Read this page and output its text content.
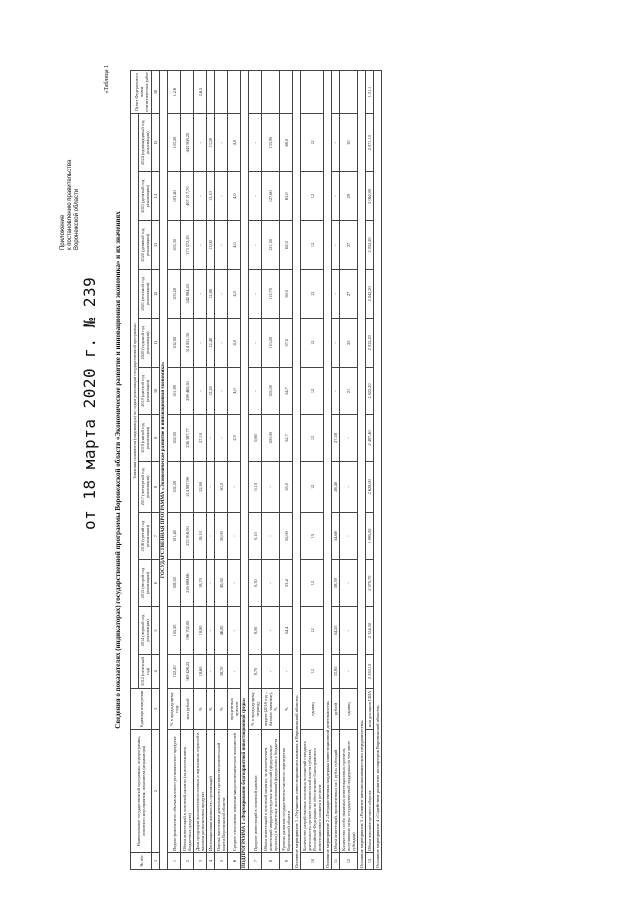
Приложение к постановлению правительства Воронежской области
от 18 марта 2020 г. № 239
«Таблица 1
Сведения о показателях (индикаторах) государственной программы Воронежской области «Экономическое развитие и инновационная экономика» и их значениях
№ п/п	Наименование государственной программы, подпрограммы, основного мероприятия, показателя (индикатора)	Единица измерения	Значения показателя (индикатора) по годам реализации государственной программы												Пункт Федерального плана статистических работ
			2012 (отчетный год)	2014 (первый год реализации)	2015 (второй год реализации)	2016 (третий год реализации)	2017 (четвертый год реализации)	2018 (пятый год реализации)	2019 (шестой год реализации)	2020 (седьмой год реализации)	2021 (восьмой год реализации)	2022 (девятый год реализации)	2023 (десятый год реализации)	2024 (одиннадцатый год реализации)	
1	2	3	4	5	6	7	8	9	10	11	12	13	14	15	16
ГОСУДАРСТВЕННАЯ ПРОГРАММА «Экономическое развитие и инновационная экономика»															
1	Индекс физического объема валового регионального продукта	% к предыдущему году	102,20	105,50	108,50	101,40	102,59	102,00	101,80	102,00	103,20	103,30	103,40	103,50	1.2.6
2	Объем инвестиций в основной капитал (за исключением бюджетных средств)	млн рублей	169 426,25	196 702,00	216 888,66	233 916,00	214 987,98	236 387,77	289 465,50	314 951,30	342 984,20	373 572,20	407 217,70	443 908,20	
3	Доля продукции высокотехнологичных и наукоемких отраслей в валовом региональном продукте	%	18,60	18,80	18,70	18,10	22,00	27,10	-	-	-	-	-	-	2.6.5
4	Инновационная активность организаций	%	-	-	-	-	-	-	12,20	12,40	12,80	13,00	13,10	13,30	
5	Оценка населением деятельности органов исполнительной власти Воронежской области	%	38,70	46,00	49,50	50,00	50,5	-	-	-	-	-	-	-	
6	Среднее отклонение значения макроэкономических показателей	процентных пунктов	-	-	-	-	-	2,9	4,0	4,0	4,0	4,0	4,0	4,0	
ПОДПРОГРАММА 1 «Формирование благоприятной инвестиционной среды»															
7	Прирост инвестиций в основной капитал	% к предыдущему периоду	8,70	8,00	0,30	0,10	0,10	0,60	-	-	-	-	-	-	
8	Объем инвестиций в основной капитал, за исключением инвестиций инфраструктурных монополий (федеральные проекты) и бюджетных ассигнований федерального бюджета	индекс (2018 год – базовое значение), %	-	-	-	-	-	100,00	105,00	110,20	115,70	121,50	127,60	133,90	
9	Уровень развития государственно-частного партнерства Воронежской области	%	-	54,4	53,4	55,00	55,0	52,7	54,7	57,0	59,0	62,0	65,0	68,0	
Основное мероприятие 1 «Улучшение инвестиционного климата в Воронежской области»															
10	Количество разработанных основных положений стандарта деятельности органов исполнительной власти субъекта Российской Федерации по обеспечению благоприятного инвестиционного климата в регионе	единиц	12	12	12	15	12	12	12	12	12	12	12	12	
Основное мероприятие 2 «Государственная поддержка инвестиционной деятельности»															
11	Объем инвестиций, привлеченных на 1 рубль субсидий	рублей	33,85	54,25	58,39	54,68	26,40	27,58	-	-	-	-	-	-	
12	Количество особо значимых инвестиционных проектов, получивших меры государственной поддержки (в том числе субсидии)	единиц	-	-	-	-	-	-	21	25	27	27	29	30	
Основное мероприятие 3 «Развитие внешнеэкономического сотрудничества»															
13	Объем внешнеторгового оборота	млн долларов США	2 530,10	2 354,50	2 070,70	1 995,00	2 628,00	2 497,40	2 022,20	2 032,20	2 042,20	2 052,20	2 062,00	2 071,10	1.31.1
Основное мероприятие 4 «Содействие развитию экспортеров Воронежской области»															
